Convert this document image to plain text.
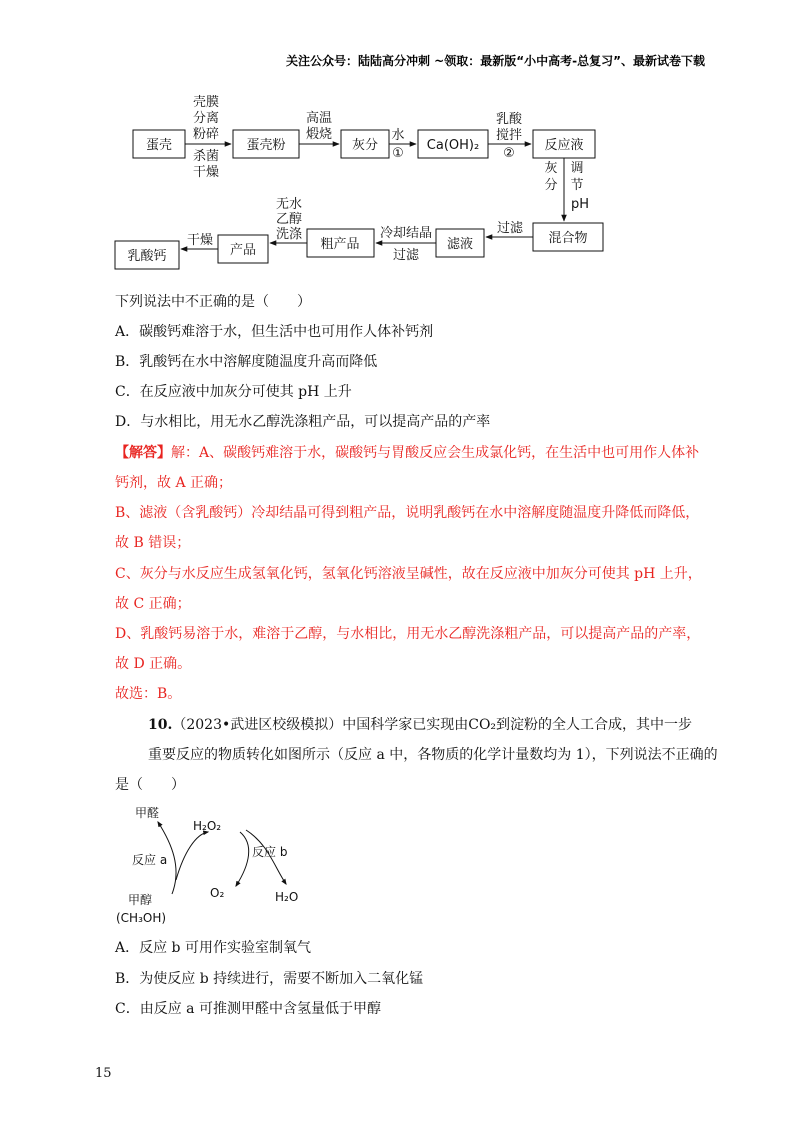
关注公众号：陆陆高分冲刺 ~领取：最新版“小中高考-总复习”、最新试卷下载
蛋壳
壳膜
分离
粉碎
杀菌
干燥
蛋壳粉
高温
煅烧
灰分
水
①
Ca(OH)₂
乳酸
搅拌
②
反应液
灰
分
调
节
pH
混合物
过滤
滤液
冷却结晶
过滤
粗产品
无水
乙醇
洗涤
产品
干燥
乳酸钙
下列说法中不正确的是（　　）
A．碳酸钙难溶于水，但生活中也可用作人体补钙剂
B．乳酸钙在水中溶解度随温度升高而降低
C．在反应液中加灰分可使其 pH 上升
D．与水相比，用无水乙醇洗涤粗产品，可以提高产品的产率
【解答】解：A、碳酸钙难溶于水，碳酸钙与胃酸反应会生成氯化钙，在生活中也可用作人体补
钙剂，故 A 正确；
B、滤液（含乳酸钙）冷却结晶可得到粗产品，说明乳酸钙在水中溶解度随温度升降低而降低，
故 B 错误；
C、灰分与水反应生成氢氧化钙，氢氧化钙溶液呈碱性，故在反应液中加灰分可使其 pH 上升，
故 C 正确；
D、乳酸钙易溶于水，难溶于乙醇，与水相比，用无水乙醇洗涤粗产品，可以提高产品的产率，
故 D 正确。
故选：B。
10.（2023•武进区校级模拟）中国科学家已实现由CO₂到淀粉的全人工合成，其中一步
重要反应的物质转化如图所示（反应 a 中，各物质的化学计量数均为 1），下列说法不正确的
是（　　）
甲醛
H₂O₂
反应 a
反应 b
甲醇
(CH₃OH)
O₂	H₂O
A．反应 b 可用作实验室制氧气
B．为使反应 b 持续进行，需要不断加入二氧化锰
C．由反应 a 可推测甲醛中含氢量低于甲醇
15
